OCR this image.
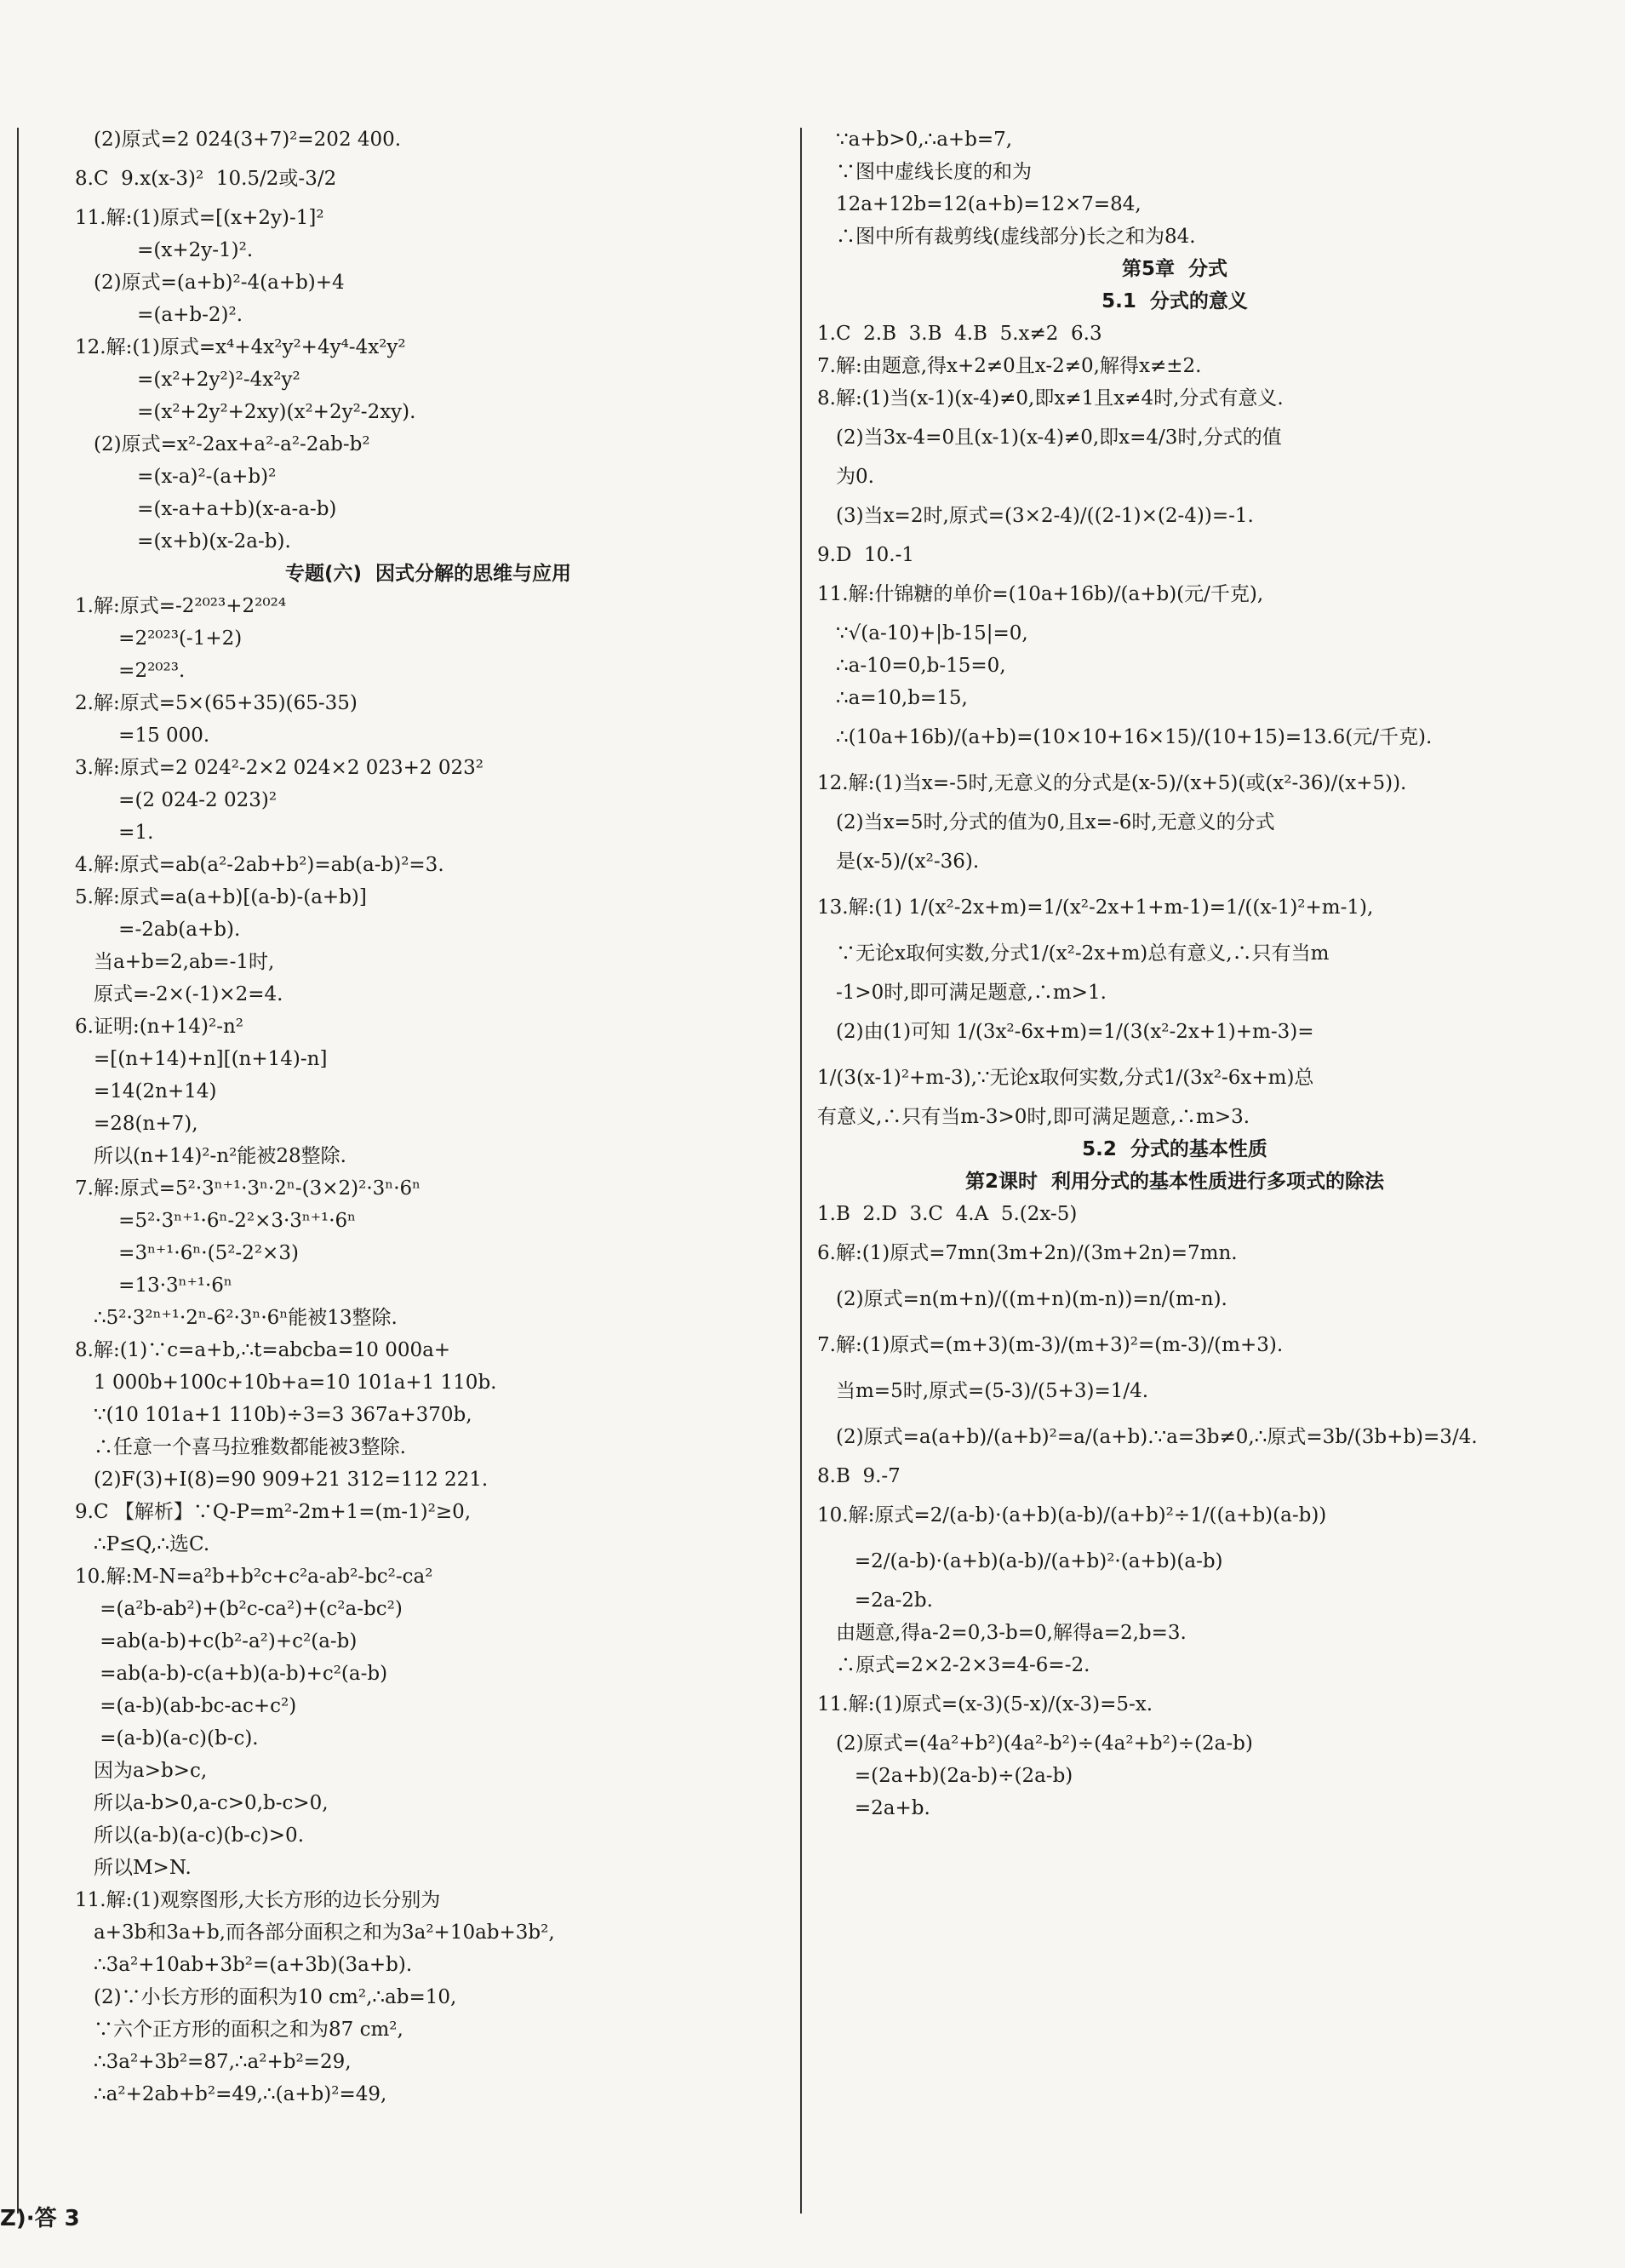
(2)原式=2 024(3+7)²=202 400.
8.C  9.x(x-3)²  10.5/2或-3/2
11.解:(1)原式=[(x+2y)-1]²
=(x+2y-1)².
(2)原式=(a+b)²-4(a+b)+4
=(a+b-2)².
12.解:(1)原式=x⁴+4x²y²+4y⁴-4x²y²
=(x²+2y²)²-4x²y²
=(x²+2y²+2xy)(x²+2y²-2xy).
(2)原式=x²-2ax+a²-a²-2ab-b²
=(x-a)²-(a+b)²
=(x-a+a+b)(x-a-a-b)
=(x+b)(x-2a-b).
专题(六)  因式分解的思维与应用
1.解:原式=-2²⁰²³+2²⁰²⁴
=2²⁰²³(-1+2)
=2²⁰²³.
2.解:原式=5×(65+35)(65-35)
=15 000.
3.解:原式=2 024²-2×2 024×2 023+2 023²
=(2 024-2 023)²
=1.
4.解:原式=ab(a²-2ab+b²)=ab(a-b)²=3.
5.解:原式=a(a+b)[(a-b)-(a+b)]
=-2ab(a+b).
当a+b=2,ab=-1时,
原式=-2×(-1)×2=4.
6.证明:(n+14)²-n²
=[(n+14)+n][(n+14)-n]
=14(2n+14)
=28(n+7),
所以(n+14)²-n²能被28整除.
7.解:原式=5²·3ⁿ⁺¹·3ⁿ·2ⁿ-(3×2)²·3ⁿ·6ⁿ
=5²·3ⁿ⁺¹·6ⁿ-2²×3·3ⁿ⁺¹·6ⁿ
=3ⁿ⁺¹·6ⁿ·(5²-2²×3)
=13·3ⁿ⁺¹·6ⁿ
∴5²·3²ⁿ⁺¹·2ⁿ-6²·3ⁿ·6ⁿ能被13整除.
8.解:(1)∵c=a+b,∴t=abcba=10 000a+
1 000b+100c+10b+a=10 101a+1 110b.
∵(10 101a+1 110b)÷3=3 367a+370b,
∴任意一个喜马拉雅数都能被3整除.
(2)F(3)+I(8)=90 909+21 312=112 221.
9.C 【解析】∵Q-P=m²-2m+1=(m-1)²≥0,
∴P≤Q,∴选C.
10.解:M-N=a²b+b²c+c²a-ab²-bc²-ca²
=(a²b-ab²)+(b²c-ca²)+(c²a-bc²)
=ab(a-b)+c(b²-a²)+c²(a-b)
=ab(a-b)-c(a+b)(a-b)+c²(a-b)
=(a-b)(ab-bc-ac+c²)
=(a-b)(a-c)(b-c).
因为a>b>c,
所以a-b>0,a-c>0,b-c>0,
所以(a-b)(a-c)(b-c)>0.
所以M>N.
11.解:(1)观察图形,大长方形的边长分别为
a+3b和3a+b,而各部分面积之和为3a²+10ab+3b²,
∴3a²+10ab+3b²=(a+3b)(3a+b).
(2)∵小长方形的面积为10 cm²,∴ab=10,
∵六个正方形的面积之和为87 cm²,
∴3a²+3b²=87,∴a²+b²=29,
∴a²+2ab+b²=49,∴(a+b)²=49,
∵a+b>0,∴a+b=7,
∵图中虚线长度的和为
12a+12b=12(a+b)=12×7=84,
∴图中所有裁剪线(虚线部分)长之和为84.
第5章  分式
5.1  分式的意义
1.C  2.B  3.B  4.B  5.x≠2  6.3
7.解:由题意,得x+2≠0且x-2≠0,解得x≠±2.
8.解:(1)当(x-1)(x-4)≠0,即x≠1且x≠4时,分式有意义.
(2)当3x-4=0且(x-1)(x-4)≠0,即x=4/3时,分式的值
为0.
(3)当x=2时,原式=(3×2-4)/((2-1)×(2-4))=-1.
9.D  10.-1
11.解:什锦糖的单价=(10a+16b)/(a+b)(元/千克),
∵√(a-10)+|b-15|=0,
∴a-10=0,b-15=0,
∴a=10,b=15,
∴(10a+16b)/(a+b)=(10×10+16×15)/(10+15)=13.6(元/千克).
12.解:(1)当x=-5时,无意义的分式是(x-5)/(x+5)(或(x²-36)/(x+5)).
(2)当x=5时,分式的值为0,且x=-6时,无意义的分式
是(x-5)/(x²-36).
13.解:(1) 1/(x²-2x+m)=1/(x²-2x+1+m-1)=1/((x-1)²+m-1),
∵无论x取何实数,分式1/(x²-2x+m)总有意义,∴只有当m
-1>0时,即可满足题意,∴m>1.
(2)由(1)可知 1/(3x²-6x+m)=1/(3(x²-2x+1)+m-3)=
1/(3(x-1)²+m-3),∵无论x取何实数,分式1/(3x²-6x+m)总
有意义,∴只有当m-3>0时,即可满足题意,∴m>3.
5.2  分式的基本性质
第2课时  利用分式的基本性质进行多项式的除法
1.B  2.D  3.C  4.A  5.(2x-5)
6.解:(1)原式=7mn(3m+2n)/(3m+2n)=7mn.
(2)原式=n(m+n)/((m+n)(m-n))=n/(m-n).
7.解:(1)原式=(m+3)(m-3)/(m+3)²=(m-3)/(m+3).
当m=5时,原式=(5-3)/(5+3)=1/4.
(2)原式=a(a+b)/(a+b)²=a/(a+b).∵a=3b≠0,∴原式=3b/(3b+b)=3/4.
8.B  9.-7
10.解:原式=2/(a-b)·(a+b)(a-b)/(a+b)²÷1/((a+b)(a-b))
=2/(a-b)·(a+b)(a-b)/(a+b)²·(a+b)(a-b)
=2a-2b.
由题意,得a-2=0,3-b=0,解得a=2,b=3.
∴原式=2×2-2×3=4-6=-2.
11.解:(1)原式=(x-3)(5-x)/(x-3)=5-x.
(2)原式=(4a²+b²)(4a²-b²)÷(4a²+b²)÷(2a-b)
=(2a+b)(2a-b)÷(2a-b)
=2a+b.
Z)·答 3
